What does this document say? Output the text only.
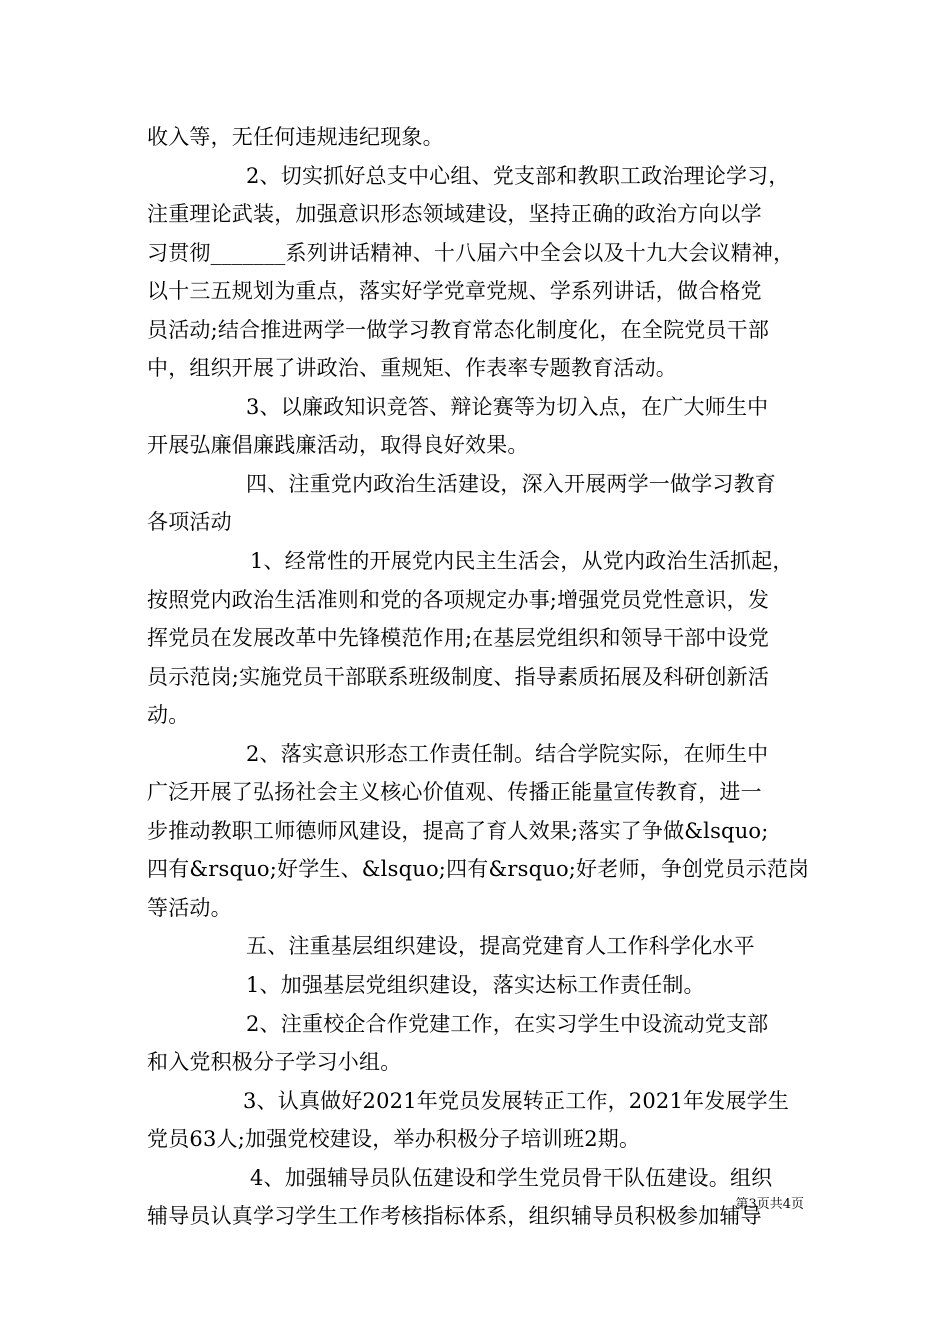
收入等，无任何违规违纪现象。
2、切实抓好总支中心组、党支部和教职工政治理论学习，
注重理论武装，加强意识形态领域建设，坚持正确的政治方向以学
习贯彻_______系列讲话精神、十八届六中全会以及十九大会议精神，
以十三五规划为重点，落实好学党章党规、学系列讲话，做合格党
员活动;结合推进两学一做学习教育常态化制度化，在全院党员干部
中，组织开展了讲政治、重规矩、作表率专题教育活动。
3、以廉政知识竞答、辩论赛等为切入点，在广大师生中
开展弘廉倡廉践廉活动，取得良好效果。
四、注重党内政治生活建设，深入开展两学一做学习教育
各项活动
1、经常性的开展党内民主生活会，从党内政治生活抓起，
按照党内政治生活准则和党的各项规定办事;增强党员党性意识，发
挥党员在发展改革中先锋模范作用;在基层党组织和领导干部中设党
员示范岗;实施党员干部联系班级制度、指导素质拓展及科研创新活
动。
2、落实意识形态工作责任制。结合学院实际，在师生中
广泛开展了弘扬社会主义核心价值观、传播正能量宣传教育，进一
步推动教职工师德师风建设，提高了育人效果;落实了争做&lsquo;
四有&rsquo;好学生、&lsquo;四有&rsquo;好老师，争创党员示范岗
等活动。
五、注重基层组织建设，提高党建育人工作科学化水平
1、加强基层党组织建设，落实达标工作责任制。
2、注重校企合作党建工作，在实习学生中设流动党支部
和入党积极分子学习小组。
3、认真做好2021年党员发展转正工作，2021年发展学生
党员63人;加强党校建设，举办积极分子培训班2期。
4、加强辅导员队伍建设和学生党员骨干队伍建设。组织
辅导员认真学习学生工作考核指标体系，组织辅导员积极参加辅导
第3页共4页
